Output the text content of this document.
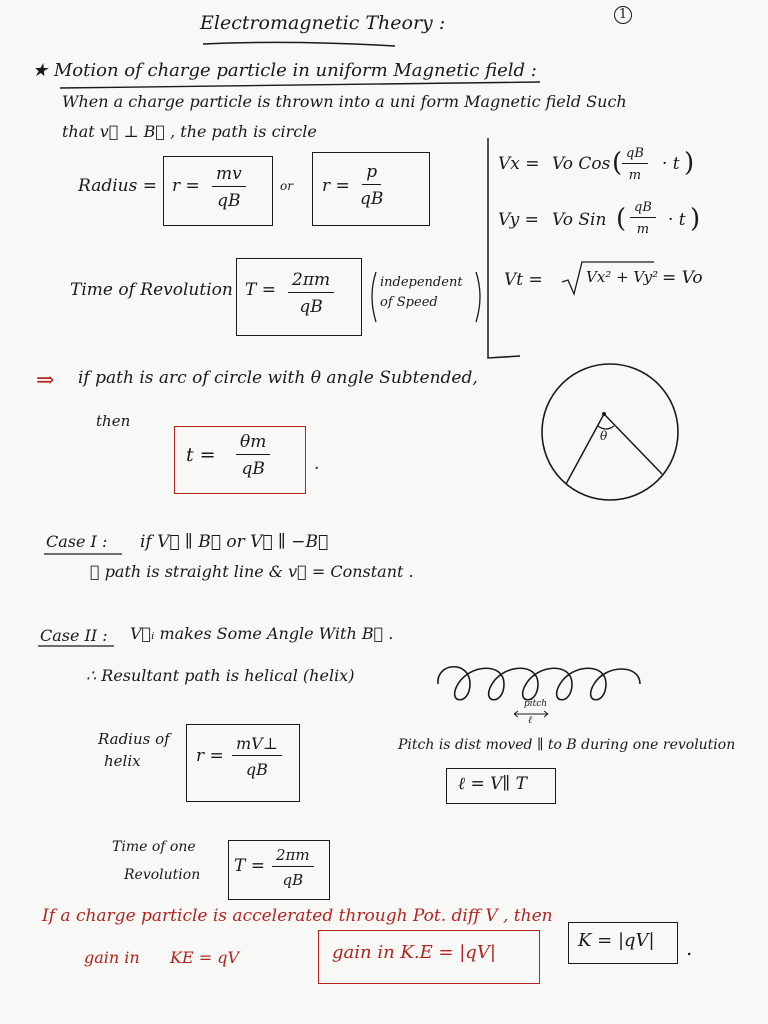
1
Electromagnetic Theory :
★ Motion of charge particle in uniform Magnetic field :
When a charge particle is thrown into a uni form Magnetic field Such
that v⃗ ⊥ B⃗ , the path is circle
Radius = $r = \frac{mv}{qB}$	or $r = \frac{p}{qB}$
Time of Revolution $T = \frac{2\pi m}{qB}$	independent
of Speed
Vx = Vo Cos ( $\frac{qB}{m} \cdot t$ )
Vy = Vo Sin ( $\frac{qB}{m} \cdot t$ )
Vt =	Vx² + Vy² = Vo
⇒ if path is arc of circle with θ angle Subtended,
then
$t = \frac{\theta m}{qB}$	.
θ
Case I : if V⃗ ∥ B⃗ or V⃗ ∥ −B⃗
∴ path is straight line & v⃗ = Constant .
Case II : V⃗ᵢ makes Some Angle With B⃗ .
∴ Resultant path is helical (helix)
pitch
ℓ
Radius of
helix	$r = \frac{mV\perp}{qB}$	Pitch is dist moved ∥ to B during one revolution
ℓ = V∥ T
Time of one
Revolution $T = \frac{2\pi m}{qB}$
If a charge particle is accelerated through Pot. diff V , then
gain in KE = qV	gain in K.E = |qV|
K = |qV| .
